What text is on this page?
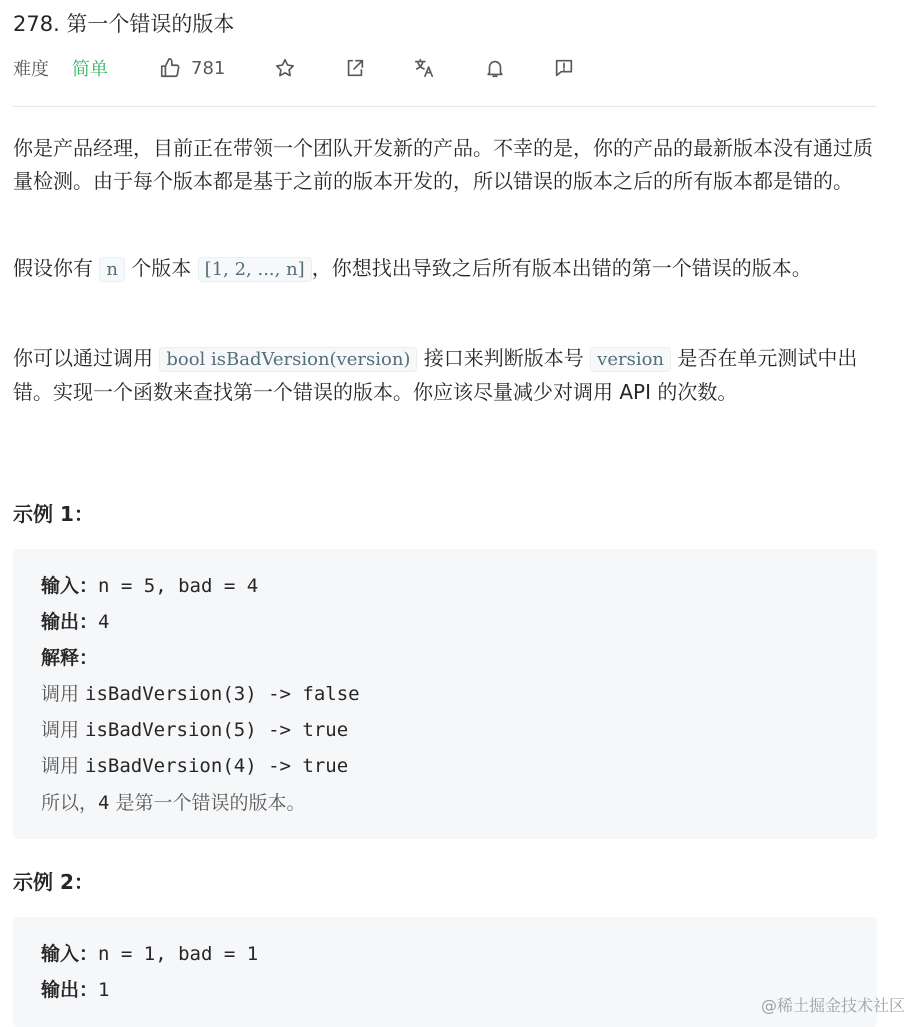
278. 第一个错误的版本
难度 简单	781

你是产品经理，目前正在带领一个团队开发新的产品。不幸的是，你的产品的最新版本没有通过质量检测。由于每个版本都是基于之前的版本开发的，所以错误的版本之后的所有版本都是错的。

假设你有 n 个版本 [1, 2, ..., n] ，你想找出导致之后所有版本出错的第一个错误的版本。

你可以通过调用 bool isBadVersion(version) 接口来判断版本号 version 是否在单元测试中出错。实现一个函数来查找第一个错误的版本。你应该尽量减少对调用 API 的次数。

示例 1：
输入：n = 5, bad = 4
输出：4
解释：
调用 isBadVersion(3) -> false
调用 isBadVersion(5) -> true
调用 isBadVersion(4) -> true
所以，4 是第一个错误的版本。
示例 2：
输入：n = 1, bad = 1
输出：1
@稀土掘金技术社区
